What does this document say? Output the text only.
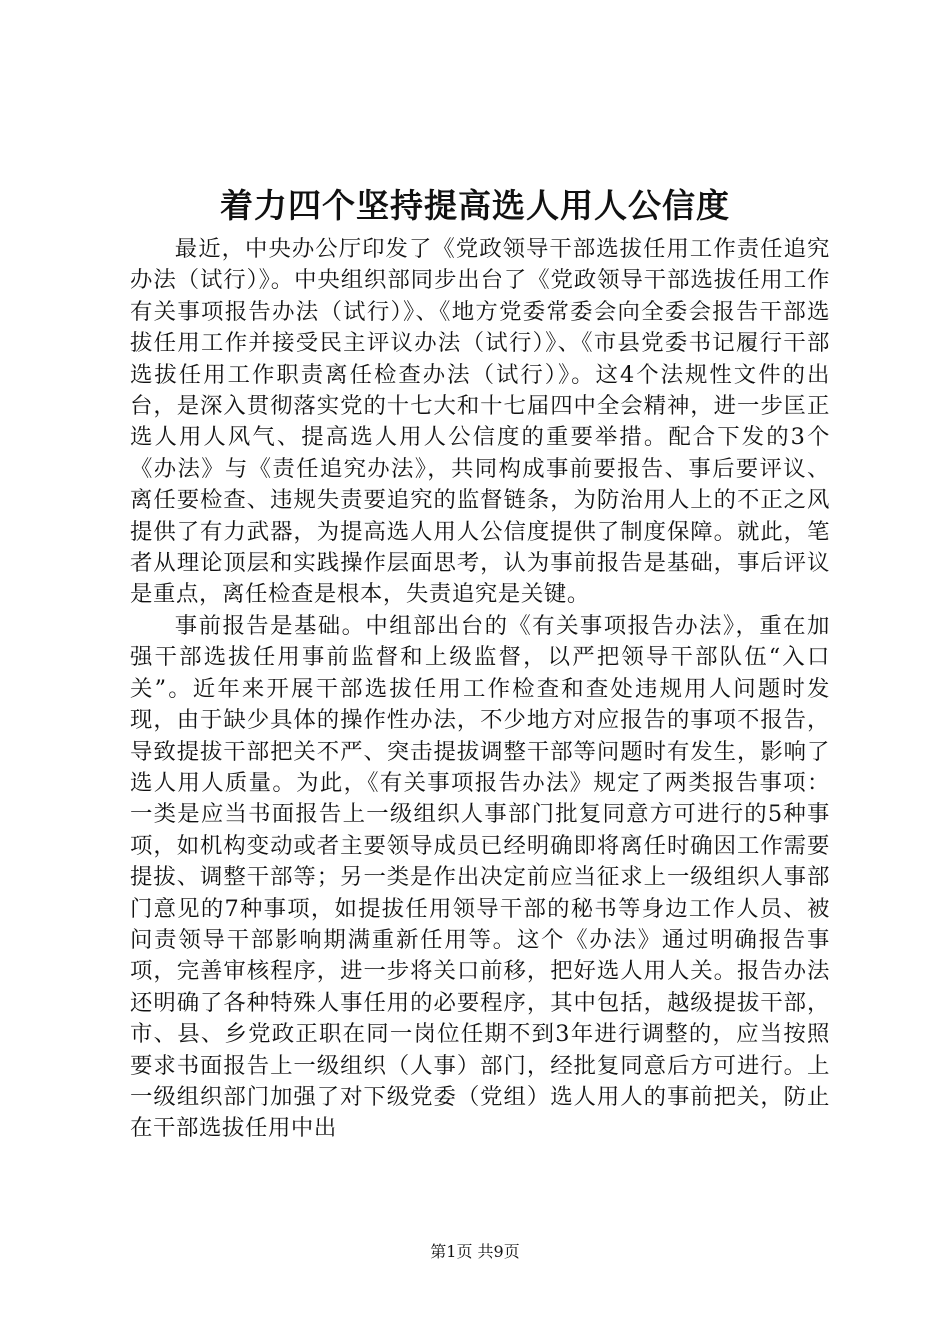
着力四个坚持提高选人用人公信度

最近，中央办公厅印发了《党政领导干部选拔任用工作责任追究办法（试行）》。中央组织部同步出台了《党政领导干部选拔任用工作有关事项报告办法（试行）》、《地方党委常委会向全委会报告干部选拔任用工作并接受民主评议办法（试行）》、《市县党委书记履行干部选拔任用工作职责离任检查办法（试行）》。这4个法规性文件的出台，是深入贯彻落实党的十七大和十七届四中全会精神，进一步匡正选人用人风气、提高选人用人公信度的重要举措。配合下发的3个《办法》与《责任追究办法》，共同构成事前要报告、事后要评议、离任要检查、违规失责要追究的监督链条，为防治用人上的不正之风提供了有力武器，为提高选人用人公信度提供了制度保障。就此，笔者从理论顶层和实践操作层面思考，认为事前报告是基础，事后评议是重点，离任检查是根本，失责追究是关键。

事前报告是基础。中组部出台的《有关事项报告办法》，重在加强干部选拔任用事前监督和上级监督，以严把领导干部队伍“入口关”。近年来开展干部选拔任用工作检查和查处违规用人问题时发现，由于缺少具体的操作性办法，不少地方对应报告的事项不报告，导致提拔干部把关不严、突击提拔调整干部等问题时有发生，影响了选人用人质量。为此，《有关事项报告办法》规定了两类报告事项：一类是应当书面报告上一级组织人事部门批复同意方可进行的5种事项，如机构变动或者主要领导成员已经明确即将离任时确因工作需要提拔、调整干部等；另一类是作出决定前应当征求上一级组织人事部门意见的7种事项，如提拔任用领导干部的秘书等身边工作人员、被问责领导干部影响期满重新任用等。这个《办法》通过明确报告事项，完善审核程序，进一步将关口前移，把好选人用人关。报告办法还明确了各种特殊人事任用的必要程序，其中包括，越级提拔干部，市、县、乡党政正职在同一岗位任期不到3年进行调整的，应当按照要求书面报告上一级组织（人事）部门，经批复同意后方可进行。上一级组织部门加强了对下级党委（党组）选人用人的事前把关，防止在干部选拔任用中出

第1页 共9页
